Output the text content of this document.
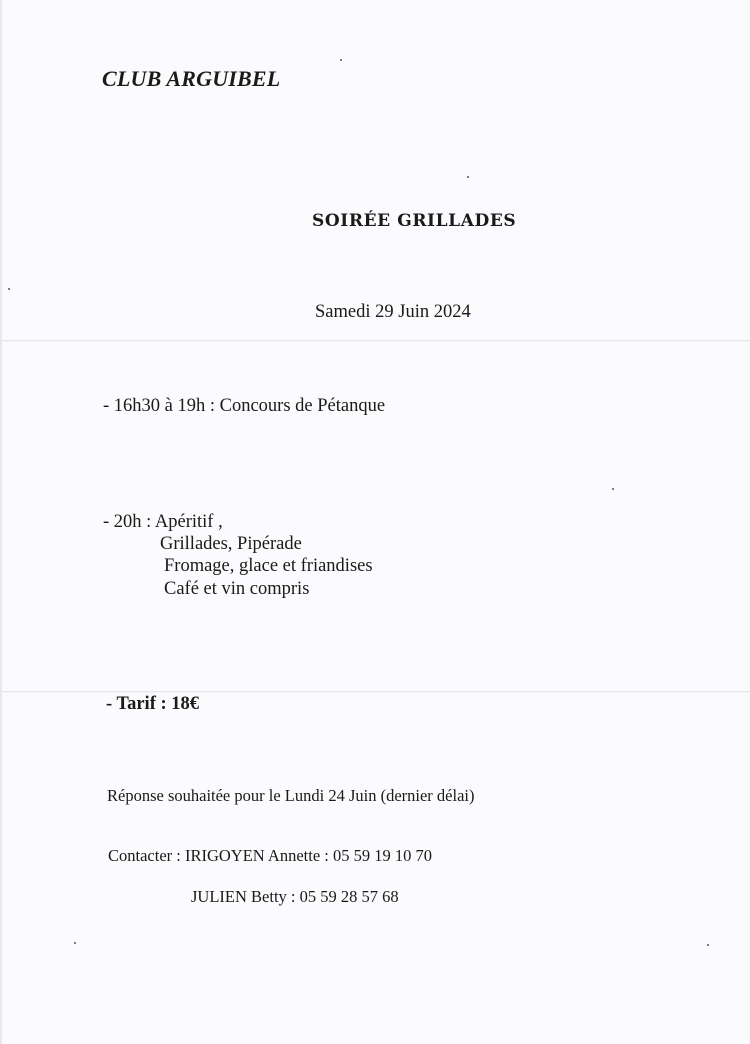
CLUB ARGUIBEL
SOIRÉE GRILLADES
Samedi 29 Juin 2024
- 16h30 à 19h : Concours de Pétanque
- 20h : Apéritif ,
Grillades, Pipérade
Fromage, glace et friandises
Café et vin compris
- Tarif : 18€
Réponse souhaitée pour le Lundi 24 Juin (dernier délai)
Contacter : IRIGOYEN Annette : 05 59 19 10 70
JULIEN Betty : 05 59 28 57 68
